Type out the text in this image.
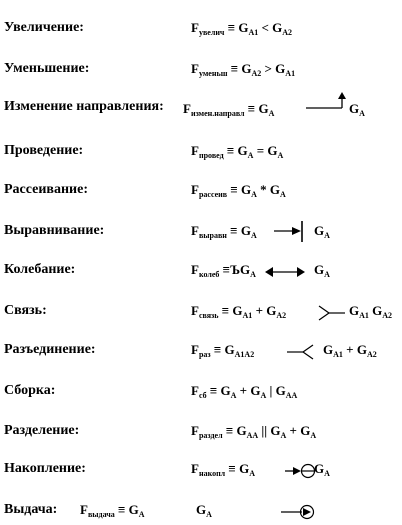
Увеличение:	$F_{увелич} \equiv G_{A1} < G_{A2}$
Уменьшение:	$F_{уменьш} \equiv G_{A2} > G_{A1}$
Изменение направления: $F_{измен.направл} \equiv G_A$	$G_A$
Проведение:	$F_{провед} \equiv G_A = G_A$
Рассеивание:	$F_{рассеив} \equiv G_A * G_A$
Выравнивание:	$F_{выравн} \equiv G_A$	$G_A$
Колебание:	$F_{колеб} \equiv ЪG_A$	$G_A$
Связь:	$F_{связь} \equiv G_{A1} + G_{A2}$	$G_{A1}$ $G_{A2}$
Разъединение:	$F_{раз} \equiv G_{A1A2}$	$G_{A1} + G_{A2}$
Сборка:	$F_{сб} \equiv G_A + G_A$ | $G_{AA}$
Разделение:	$F_{раздел} \equiv G_{AA}$ || $G_A + G_A$
Накопление:	$F_{накопл} \equiv G_A$	$G_A$
Выдача: $F_{выдача} \equiv G_A$	$G_A$
